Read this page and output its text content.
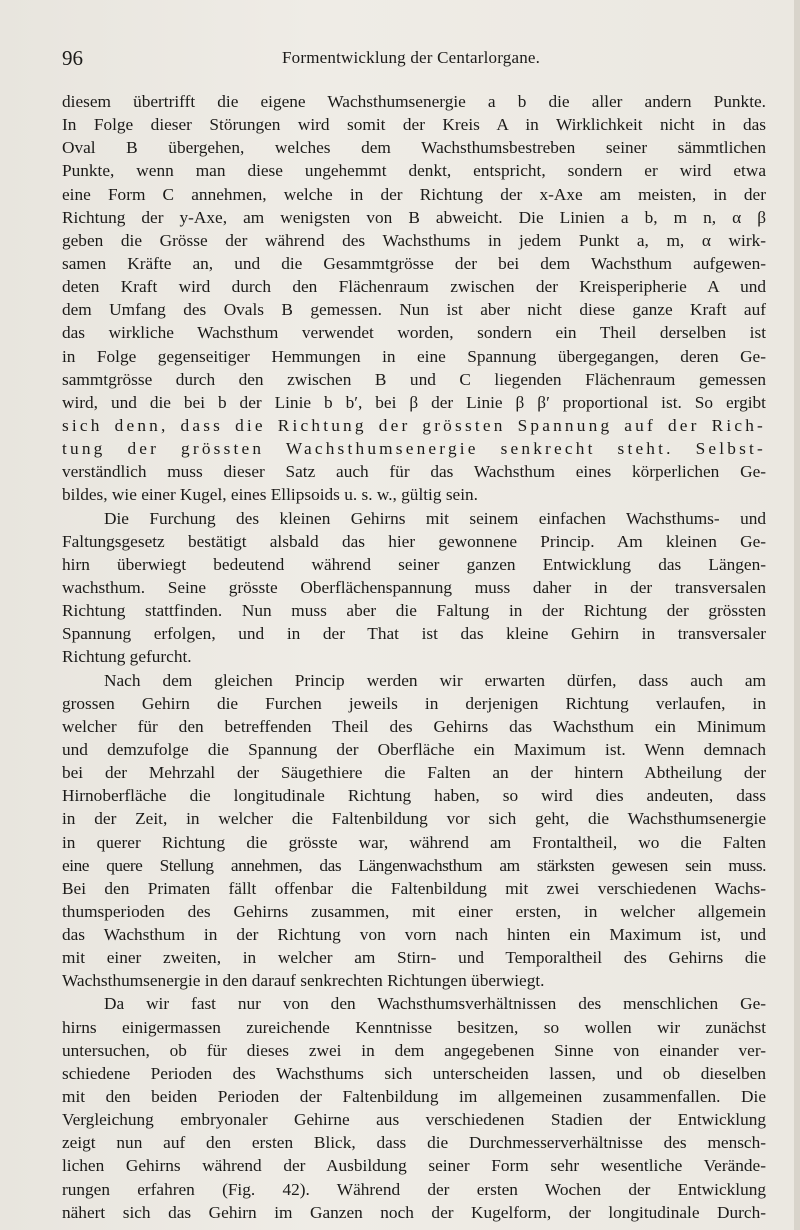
96	Formentwicklung der Centarlorgane.
diesem übertrifft die eigene Wachsthumsenergie a b die aller andern Punkte.
In Folge dieser Störungen wird somit der Kreis A in Wirklichkeit nicht in das
Oval B übergehen, welches dem Wachsthumsbestreben seiner sämmtlichen
Punkte, wenn man diese ungehemmt denkt, entspricht, sondern er wird etwa
eine Form C annehmen, welche in der Richtung der x-Axe am meisten, in der
Richtung der y-Axe, am wenigsten von B abweicht. Die Linien a b, m n, α β
geben die Grösse der während des Wachsthums in jedem Punkt a, m, α wirk-
samen Kräfte an, und die Gesammtgrösse der bei dem Wachsthum aufgewen-
deten Kraft wird durch den Flächenraum zwischen der Kreisperipherie A und
dem Umfang des Ovals B gemessen. Nun ist aber nicht diese ganze Kraft auf
das wirkliche Wachsthum verwendet worden, sondern ein Theil derselben ist
in Folge gegenseitiger Hemmungen in eine Spannung übergegangen, deren Ge-
sammtgrösse durch den zwischen B und C liegenden Flächenraum gemessen
wird, und die bei b der Linie b b′, bei β der Linie β β′ proportional ist. So ergibt
sich denn, dass die Richtung der grössten Spannung auf der Rich-
tung der grössten Wachsthumsenergie senkrecht steht. Selbst-
verständlich muss dieser Satz auch für das Wachsthum eines körperlichen Ge-
bildes, wie einer Kugel, eines Ellipsoids u. s. w., gültig sein.
Die Furchung des kleinen Gehirns mit seinem einfachen Wachsthums- und
Faltungsgesetz bestätigt alsbald das hier gewonnene Princip. Am kleinen Ge-
hirn überwiegt bedeutend während seiner ganzen Entwicklung das Längen-
wachsthum. Seine grösste Oberflächenspannung muss daher in der transversalen
Richtung stattfinden. Nun muss aber die Faltung in der Richtung der grössten
Spannung erfolgen, und in der That ist das kleine Gehirn in transversaler
Richtung gefurcht.
Nach dem gleichen Princip werden wir erwarten dürfen, dass auch am
grossen Gehirn die Furchen jeweils in derjenigen Richtung verlaufen, in
welcher für den betreffenden Theil des Gehirns das Wachsthum ein Minimum
und demzufolge die Spannung der Oberfläche ein Maximum ist. Wenn demnach
bei der Mehrzahl der Säugethiere die Falten an der hintern Abtheilung der
Hirnoberfläche die longitudinale Richtung haben, so wird dies andeuten, dass
in der Zeit, in welcher die Faltenbildung vor sich geht, die Wachsthumsenergie
in querer Richtung die grösste war, während am Frontaltheil, wo die Falten
eine quere Stellung annehmen, das Längenwachsthum am stärksten gewesen sein muss.
Bei den Primaten fällt offenbar die Faltenbildung mit zwei verschiedenen Wachs-
thumsperioden des Gehirns zusammen, mit einer ersten, in welcher allgemein
das Wachsthum in der Richtung von vorn nach hinten ein Maximum ist, und
mit einer zweiten, in welcher am Stirn- und Temporaltheil des Gehirns die
Wachsthumsenergie in den darauf senkrechten Richtungen überwiegt.
Da wir fast nur von den Wachsthumsverhältnissen des menschlichen Ge-
hirns einigermassen zureichende Kenntnisse besitzen, so wollen wir zunächst
untersuchen, ob für dieses zwei in dem angegebenen Sinne von einander ver-
schiedene Perioden des Wachsthums sich unterscheiden lassen, und ob dieselben
mit den beiden Perioden der Faltenbildung im allgemeinen zusammenfallen. Die
Vergleichung embryonaler Gehirne aus verschiedenen Stadien der Entwicklung
zeigt nun auf den ersten Blick, dass die Durchmesserverhältnisse des mensch-
lichen Gehirns während der Ausbildung seiner Form sehr wesentliche Verände-
rungen erfahren (Fig. 42). Während der ersten Wochen der Entwicklung
nähert sich das Gehirn im Ganzen noch der Kugelform, der longitudinale Durch-
